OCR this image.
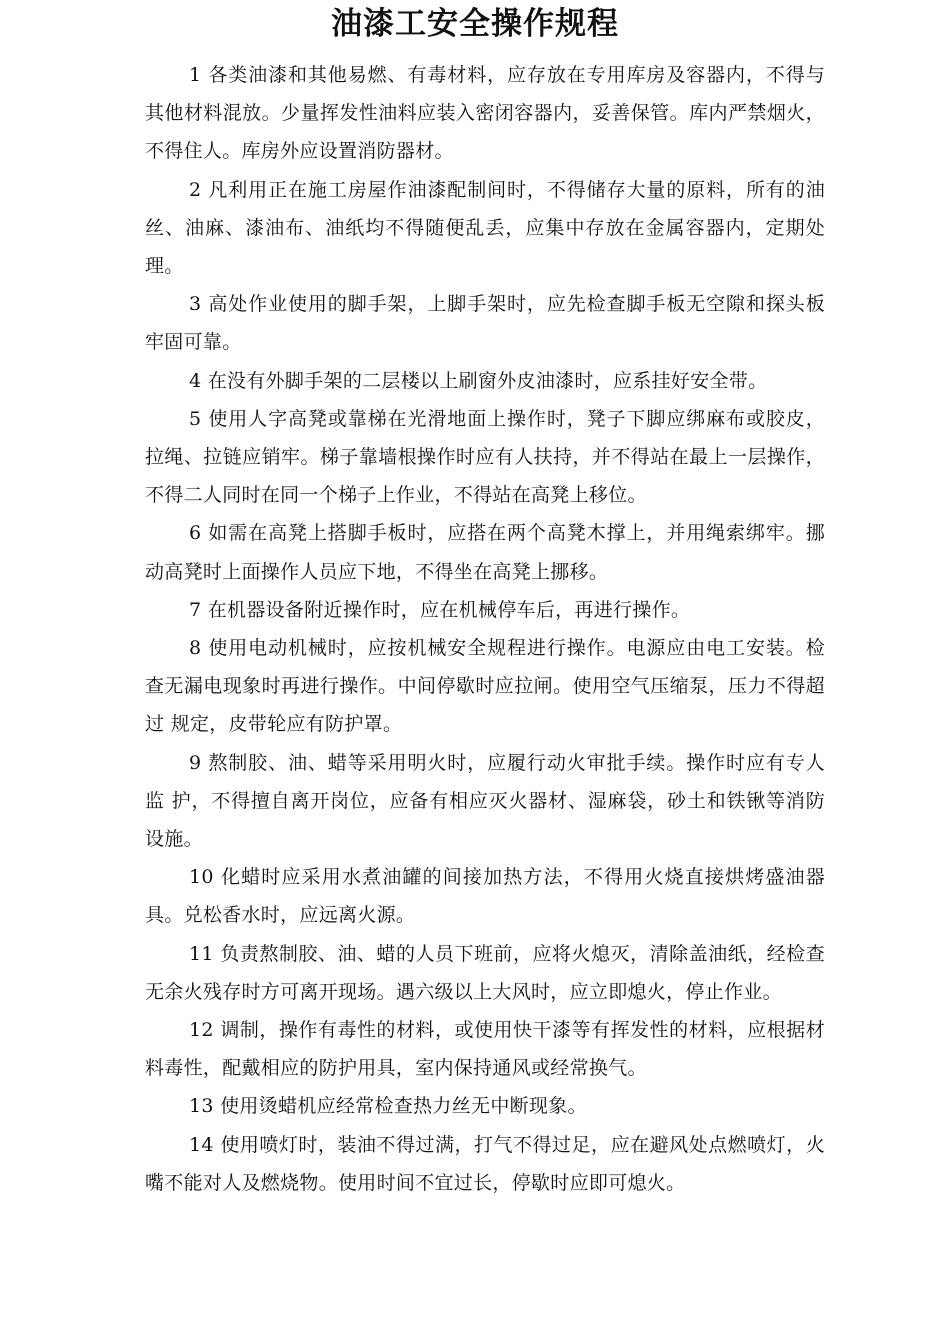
油漆工安全操作规程

1 各类油漆和其他易燃、有毒材料，应存放在专用库房及容器内，不得与其他材料混放。少量挥发性油料应装入密闭容器内，妥善保管。库内严禁烟火，不得住人。库房外应设置消防器材。

2 凡利用正在施工房屋作油漆配制间时，不得储存大量的原料，所有的油丝、油麻、漆油布、油纸均不得随便乱丢，应集中存放在金属容器内，定期处理。

3 高处作业使用的脚手架，上脚手架时，应先检查脚手板无空隙和探头板牢固可靠。

4 在没有外脚手架的二层楼以上刷窗外皮油漆时，应系挂好安全带。

5 使用人字高凳或靠梯在光滑地面上操作时，凳子下脚应绑麻布或胶皮，拉绳、拉链应销牢。梯子靠墙根操作时应有人扶持，并不得站在最上一层操作，不得二人同时在同一个梯子上作业，不得站在高凳上移位。

6 如需在高凳上搭脚手板时，应搭在两个高凳木撑上，并用绳索绑牢。挪动高凳时上面操作人员应下地，不得坐在高凳上挪移。

7 在机器设备附近操作时，应在机械停车后，再进行操作。

8 使用电动机械时，应按机械安全规程进行操作。电源应由电工安装。检查无漏电现象时再进行操作。中间停歇时应拉闸。使用空气压缩泵，压力不得超过 规定，皮带轮应有防护罩。

9 熬制胶、油、蜡等采用明火时，应履行动火审批手续。操作时应有专人监 护，不得擅自离开岗位，应备有相应灭火器材、湿麻袋，砂土和铁锹等消防设施。

10 化蜡时应采用水煮油罐的间接加热方法，不得用火烧直接烘烤盛油器具。兑松香水时，应远离火源。

11 负责熬制胶、油、蜡的人员下班前，应将火熄灭，清除盖油纸，经检查 无余火残存时方可离开现场。遇六级以上大风时，应立即熄火，停止作业。

12 调制，操作有毒性的材料，或使用快干漆等有挥发性的材料，应根据材 料毒性，配戴相应的防护用具，室内保持通风或经常换气。

13 使用烫蜡机应经常检查热力丝无中断现象。

14 使用喷灯时，装油不得过满，打气不得过足，应在避风处点燃喷灯，火嘴不能对人及燃烧物。使用时间不宜过长，停歇时应即可熄火。
